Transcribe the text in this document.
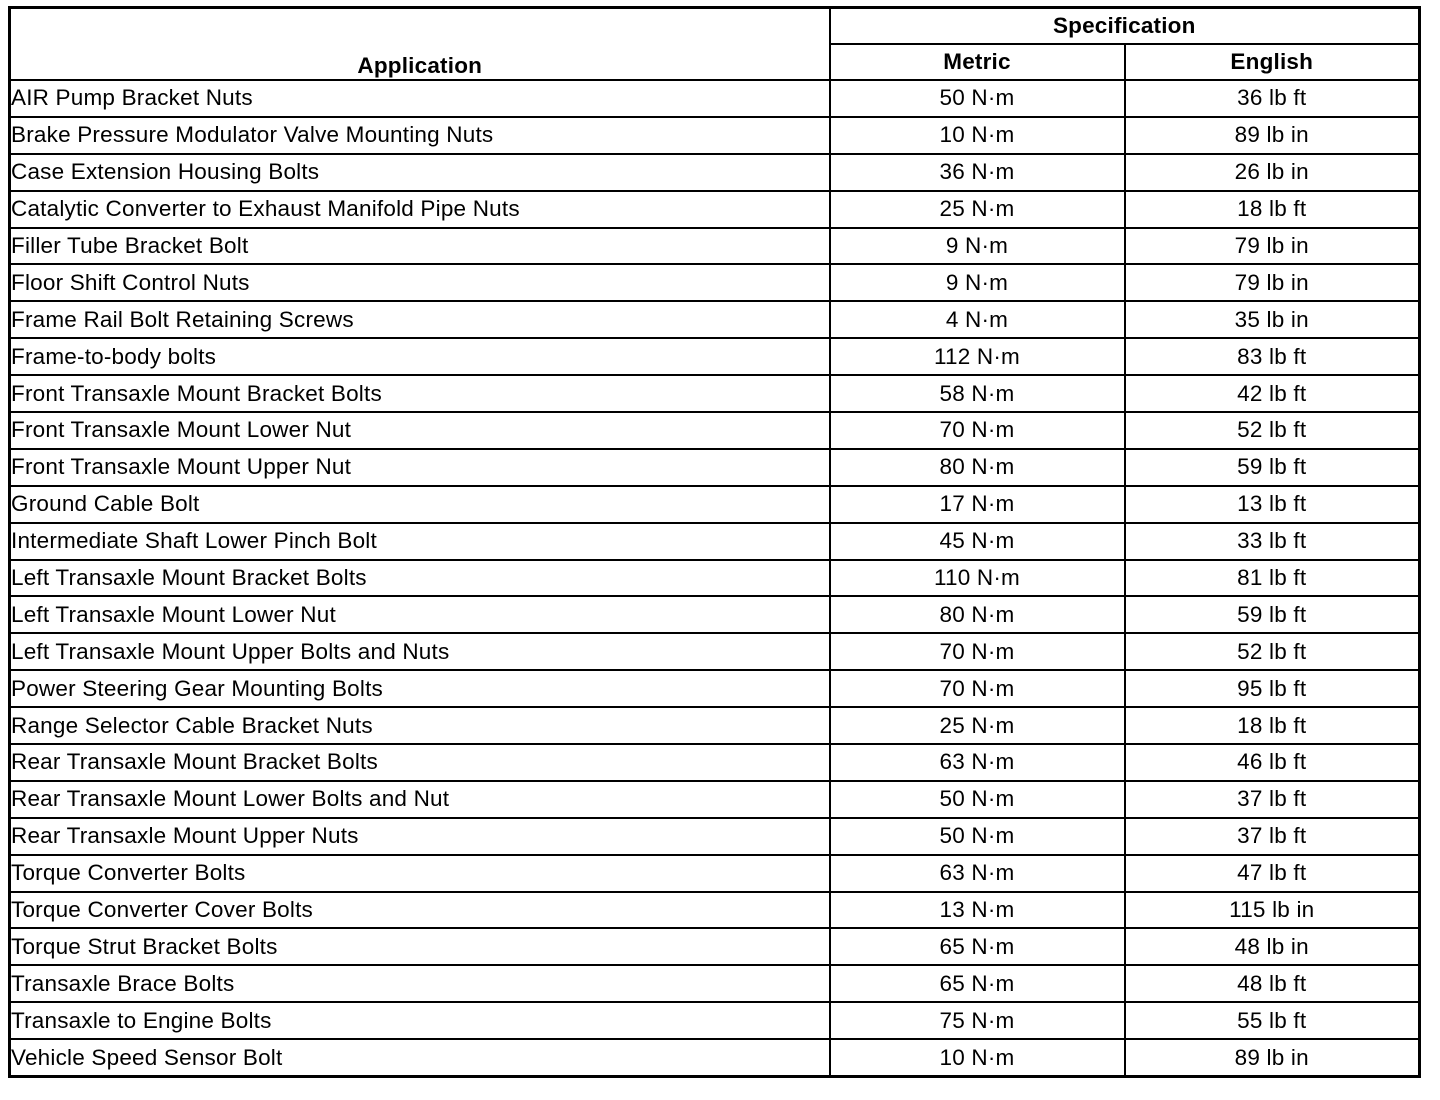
Application	Specification	
	Metric	English
AIR Pump Bracket Nuts	50 N·m	36 lb ft
Brake Pressure Modulator Valve Mounting Nuts	10 N·m	89 lb in
Case Extension Housing Bolts	36 N·m	26 lb in
Catalytic Converter to Exhaust Manifold Pipe Nuts	25 N·m	18 lb ft
Filler Tube Bracket Bolt	9 N·m	79 lb in
Floor Shift Control Nuts	9 N·m	79 lb in
Frame Rail Bolt Retaining Screws	4 N·m	35 lb in
Frame-to-body bolts	112 N·m	83 lb ft
Front Transaxle Mount Bracket Bolts	58 N·m	42 lb ft
Front Transaxle Mount Lower Nut	70 N·m	52 lb ft
Front Transaxle Mount Upper Nut	80 N·m	59 lb ft
Ground Cable Bolt	17 N·m	13 lb ft
Intermediate Shaft Lower Pinch Bolt	45 N·m	33 lb ft
Left Transaxle Mount Bracket Bolts	110 N·m	81 lb ft
Left Transaxle Mount Lower Nut	80 N·m	59 lb ft
Left Transaxle Mount Upper Bolts and Nuts	70 N·m	52 lb ft
Power Steering Gear Mounting Bolts	70 N·m	95 lb ft
Range Selector Cable Bracket Nuts	25 N·m	18 lb ft
Rear Transaxle Mount Bracket Bolts	63 N·m	46 lb ft
Rear Transaxle Mount Lower Bolts and Nut	50 N·m	37 lb ft
Rear Transaxle Mount Upper Nuts	50 N·m	37 lb ft
Torque Converter Bolts	63 N·m	47 lb ft
Torque Converter Cover Bolts	13 N·m	115 lb in
Torque Strut Bracket Bolts	65 N·m	48 lb in
Transaxle Brace Bolts	65 N·m	48 lb ft
Transaxle to Engine Bolts	75 N·m	55 lb ft
Vehicle Speed Sensor Bolt	10 N·m	89 lb in
